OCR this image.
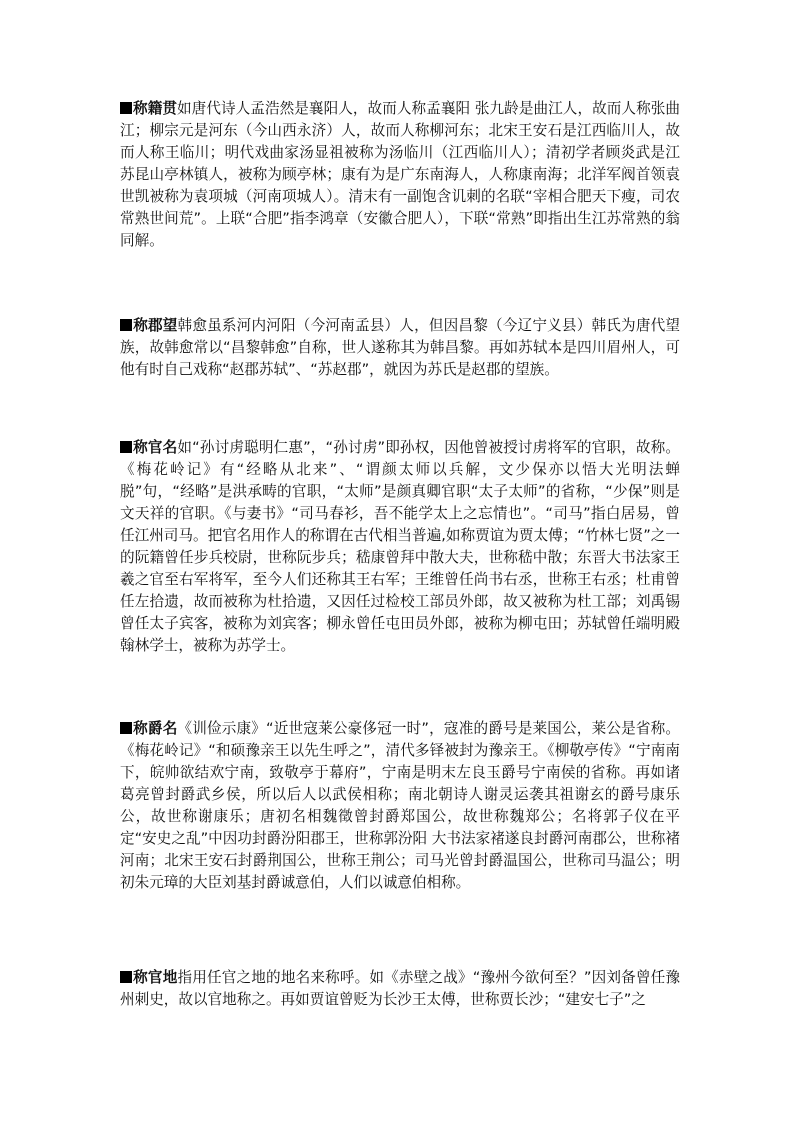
称籍贯如唐代诗人孟浩然是襄阳人，故而人称孟襄阳 张九龄是曲江人，故而人称张曲江；柳宗元是河东（今山西永济）人，故而人称柳河东；北宋王安石是江西临川人，故而人称王临川；明代戏曲家汤显祖被称为汤临川（江西临川人）；清初学者顾炎武是江苏昆山亭林镇人，被称为顾亭林；康有为是广东南海人，人称康南海；北洋军阀首领袁世凯被称为袁项城（河南项城人）。清末有一副饱含讥刺的名联“宰相合肥天下瘦，司农常熟世间荒”。上联“合肥”指李鸿章（安徽合肥人），下联“常熟”即指出生江苏常熟的翁同解。

称郡望韩愈虽系河内河阳（今河南孟县）人，但因昌黎（今辽宁义县）韩氏为唐代望族，故韩愈常以“昌黎韩愈”自称，世人遂称其为韩昌黎。再如苏轼本是四川眉州人，可他有时自己戏称“赵郡苏轼”、“苏赵郡”，就因为苏氏是赵郡的望族。

称官名如“孙讨虏聪明仁惠”，“孙讨虏”即孙权，因他曾被授讨虏将军的官职，故称。《梅花岭记》有“经略从北来”、“谓颜太师以兵解，文少保亦以悟大光明法蝉脱”句，“经略”是洪承畴的官职，“太师”是颜真卿官职“太子太师”的省称，“少保”则是文天祥的官职。《与妻书》“司马春衫，吾不能学太上之忘情也”。“司马”指白居易，曾任江州司马。把官名用作人的称谓在古代相当普遍,如称贾谊为贾太傅；“竹林七贤”之一的阮籍曾任步兵校尉，世称阮步兵；嵇康曾拜中散大夫，世称嵇中散；东晋大书法家王羲之官至右军将军，至今人们还称其王右军；王维曾任尚书右丞，世称王右丞；杜甫曾任左拾遗，故而被称为杜拾遗，又因任过检校工部员外郎，故又被称为杜工部；刘禹锡曾任太子宾客，被称为刘宾客；柳永曾任屯田员外郎，被称为柳屯田；苏轼曾任端明殿翰林学士，被称为苏学士。

称爵名《训俭示康》“近世寇莱公豪侈冠一时”，寇准的爵号是莱国公，莱公是省称。《梅花岭记》“和硕豫亲王以先生呼之”，清代多铎被封为豫亲王。《柳敬亭传》“宁南南下，皖帅欲结欢宁南，致敬亭于幕府”，宁南是明末左良玉爵号宁南侯的省称。再如诸葛亮曾封爵武乡侯，所以后人以武侯相称；南北朝诗人谢灵运袭其祖谢玄的爵号康乐公，故世称谢康乐；唐初名相魏徵曾封爵郑国公，故世称魏郑公；名将郭子仪在平定“安史之乱”中因功封爵汾阳郡王，世称郭汾阳 大书法家褚遂良封爵河南郡公，世称褚河南；北宋王安石封爵荆国公，世称王荆公；司马光曾封爵温国公，世称司马温公；明初朱元璋的大臣刘基封爵诚意伯，人们以诚意伯相称。

称官地指用任官之地的地名来称呼。如《赤壁之战》“豫州今欲何至？”因刘备曾任豫州刺史，故以官地称之。再如贾谊曾贬为长沙王太傅，世称贾长沙；“建安七子”之
